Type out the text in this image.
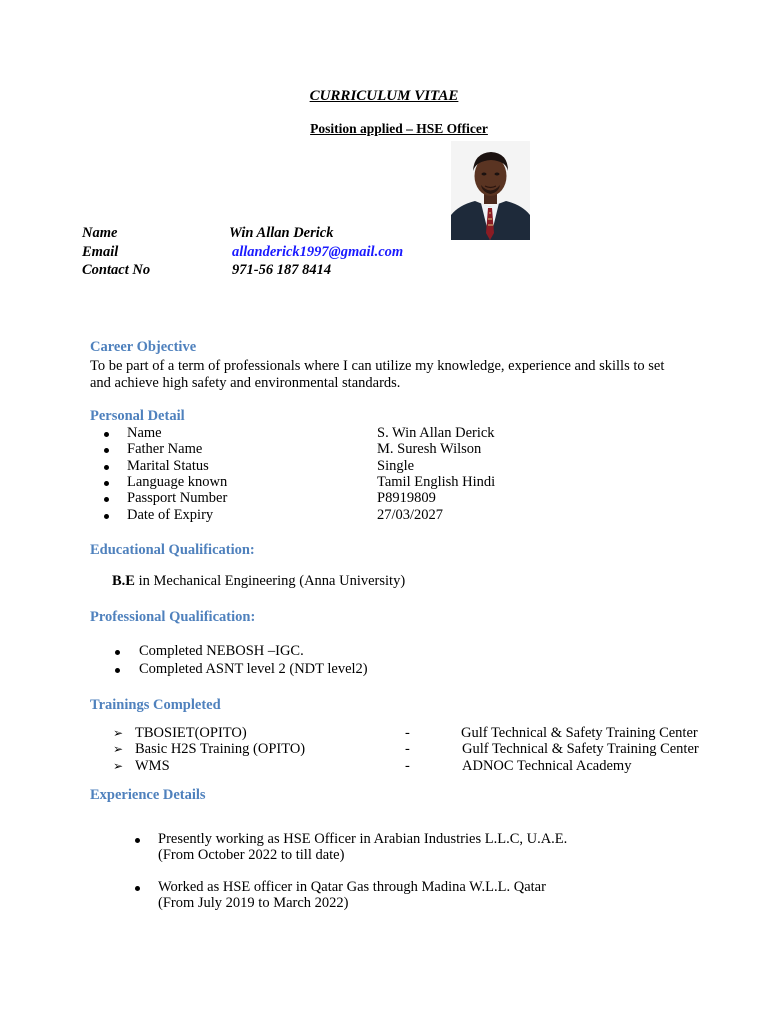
CURRICULUM VITAE
Position applied – HSE Officer
Name	Win Allan Derick
Email	allanderick1997@gmail.com
Contact No	971-56 187 8414
Career Objective
To be part of a term of professionals where I can utilize my knowledge, experience and skills to set
and achieve high safety and environmental standards.
Personal Detail
Name	S. Win Allan Derick
Father Name	M. Suresh Wilson
Marital Status	Single
Language known	Tamil English Hindi
Passport Number	P8919809
Date of Expiry	27/03/2027
Educational Qualification:
B.E in Mechanical Engineering (Anna University)
Professional Qualification:
Completed NEBOSH –IGC.
Completed ASNT level 2 (NDT level2)
Trainings Completed
➢ TBOSIET(OPITO)	-	Gulf Technical & Safety Training Center
➢ Basic H2S Training (OPITO)	-	Gulf Technical & Safety Training Center
➢ WMS	-	ADNOC Technical Academy
Experience Details
Presently working as HSE Officer in Arabian Industries L.L.C, U.A.E.
(From October 2022 to till date)
Worked as HSE officer in Qatar Gas through Madina W.L.L. Qatar
(From July 2019 to March 2022)
